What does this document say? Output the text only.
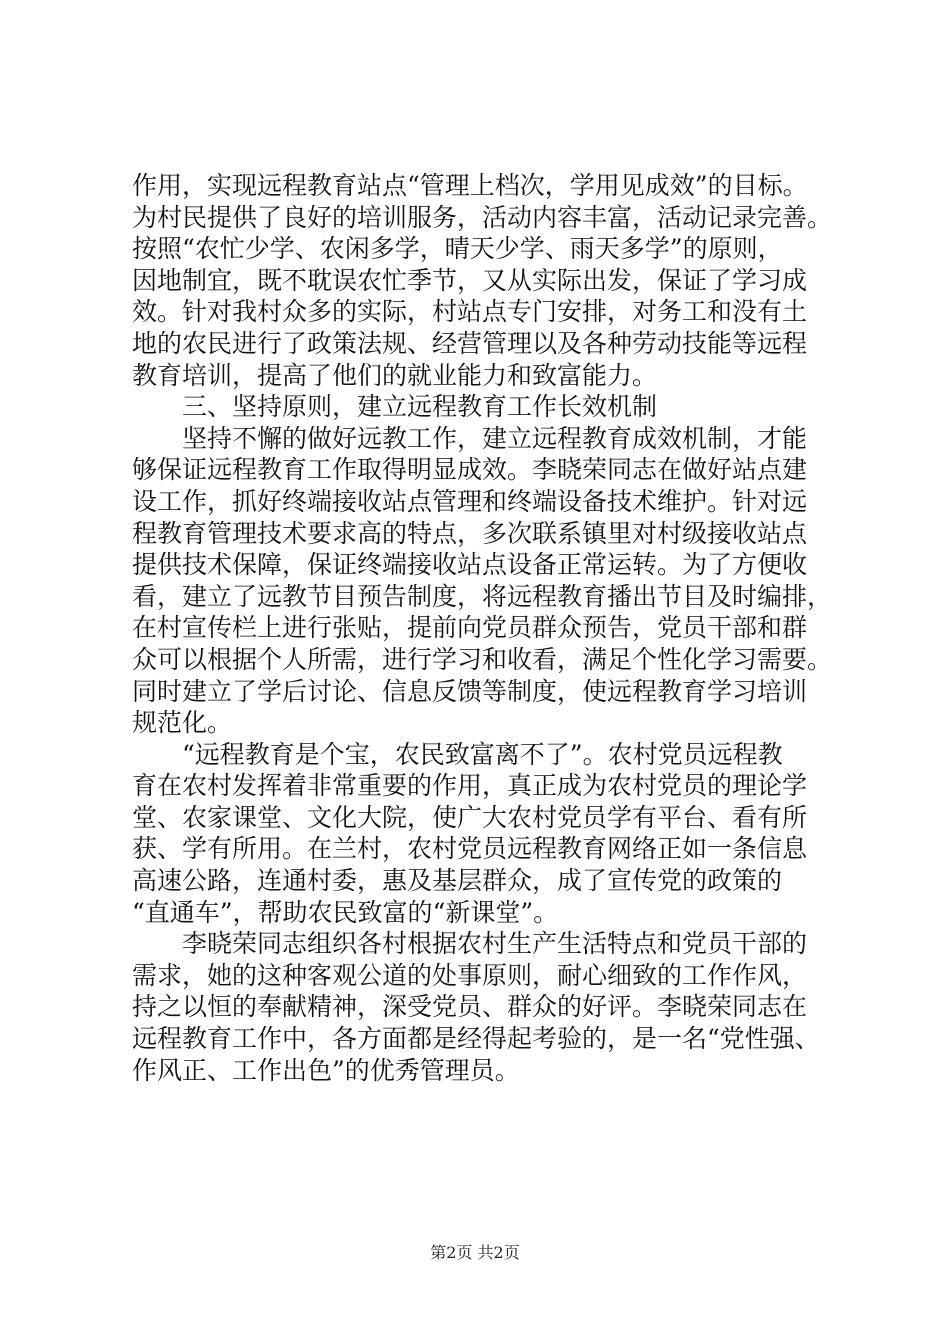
作用，实现远程教育站点“管理上档次，学用见成效”的目标。
为村民提供了良好的培训服务，活动内容丰富，活动记录完善。
按照“农忙少学、农闲多学，晴天少学、雨天多学”的原则，
因地制宜，既不耽误农忙季节，又从实际出发，保证了学习成
效。针对我村众多的实际，村站点专门安排，对务工和没有土
地的农民进行了政策法规、经营管理以及各种劳动技能等远程
教育培训，提高了他们的就业能力和致富能力。
三、坚持原则，建立远程教育工作长效机制
坚持不懈的做好远教工作，建立远程教育成效机制，才能
够保证远程教育工作取得明显成效。李晓荣同志在做好站点建
设工作，抓好终端接收站点管理和终端设备技术维护。针对远
程教育管理技术要求高的特点，多次联系镇里对村级接收站点
提供技术保障，保证终端接收站点设备正常运转。为了方便收
看，建立了远教节目预告制度，将远程教育播出节目及时编排，
在村宣传栏上进行张贴，提前向党员群众预告，党员干部和群
众可以根据个人所需，进行学习和收看，满足个性化学习需要。
同时建立了学后讨论、信息反馈等制度，使远程教育学习培训
规范化。
“远程教育是个宝，农民致富离不了”。农村党员远程教
育在农村发挥着非常重要的作用，真正成为农村党员的理论学
堂、农家课堂、文化大院，使广大农村党员学有平台、看有所
获、学有所用。在兰村，农村党员远程教育网络正如一条信息
高速公路，连通村委，惠及基层群众，成了宣传党的政策的
“直通车”，帮助农民致富的“新课堂”。
李晓荣同志组织各村根据农村生产生活特点和党员干部的
需求，她的这种客观公道的处事原则，耐心细致的工作作风，
持之以恒的奉献精神，深受党员、群众的好评。李晓荣同志在
远程教育工作中，各方面都是经得起考验的，是一名“党性强、
作风正、工作出色”的优秀管理员。
第2页 共2页
